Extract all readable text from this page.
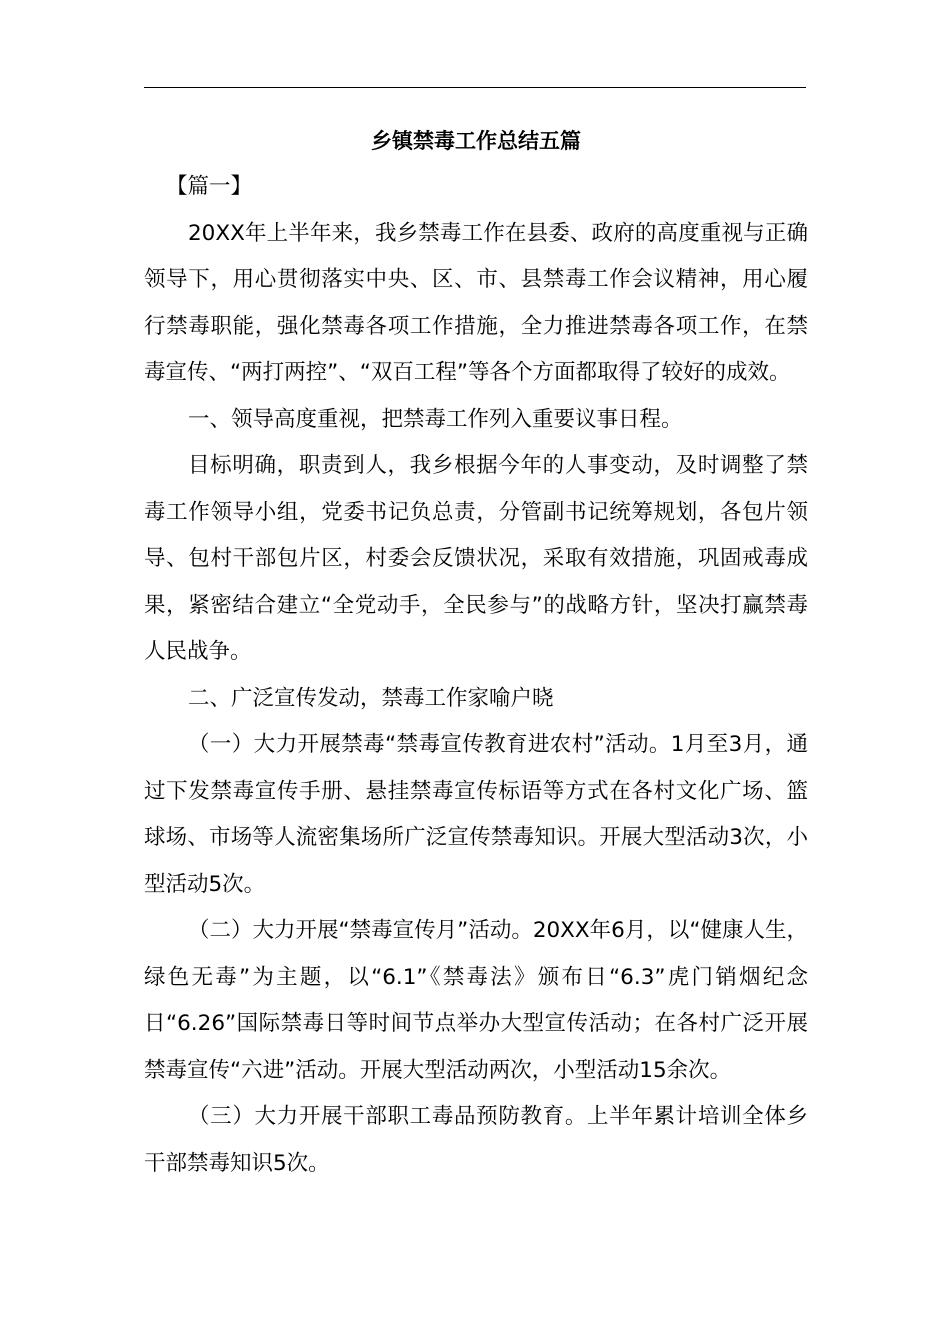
乡镇禁毒工作总结五篇

【篇一】

20XX年上半年来，我乡禁毒工作在县委、政府的高度重视与正确领导下，用心贯彻落实中央、区、市、县禁毒工作会议精神，用心履行禁毒职能，强化禁毒各项工作措施，全力推进禁毒各项工作，在禁毒宣传、“两打两控”、“双百工程”等各个方面都取得了较好的成效。

一、领导高度重视，把禁毒工作列入重要议事日程。

目标明确，职责到人，我乡根据今年的人事变动，及时调整了禁毒工作领导小组，党委书记负总责，分管副书记统筹规划，各包片领导、包村干部包片区，村委会反馈状况，采取有效措施，巩固戒毒成果，紧密结合建立“全党动手，全民参与”的战略方针，坚决打赢禁毒人民战争。

二、广泛宣传发动，禁毒工作家喻户晓

（一）大力开展禁毒“禁毒宣传教育进农村”活动。1月至3月，通过下发禁毒宣传手册、悬挂禁毒宣传标语等方式在各村文化广场、篮球场、市场等人流密集场所广泛宣传禁毒知识。开展大型活动3次，小型活动5次。

（二）大力开展“禁毒宣传月”活动。20XX年6月，以“健康人生，绿色无毒”为主题，以“6.1”《禁毒法》颁布日“6.3”虎门销烟纪念日“6.26”国际禁毒日等时间节点举办大型宣传活动；在各村广泛开展禁毒宣传“六进”活动。开展大型活动两次，小型活动15余次。

（三）大力开展干部职工毒品预防教育。上半年累计培训全体乡干部禁毒知识5次。
